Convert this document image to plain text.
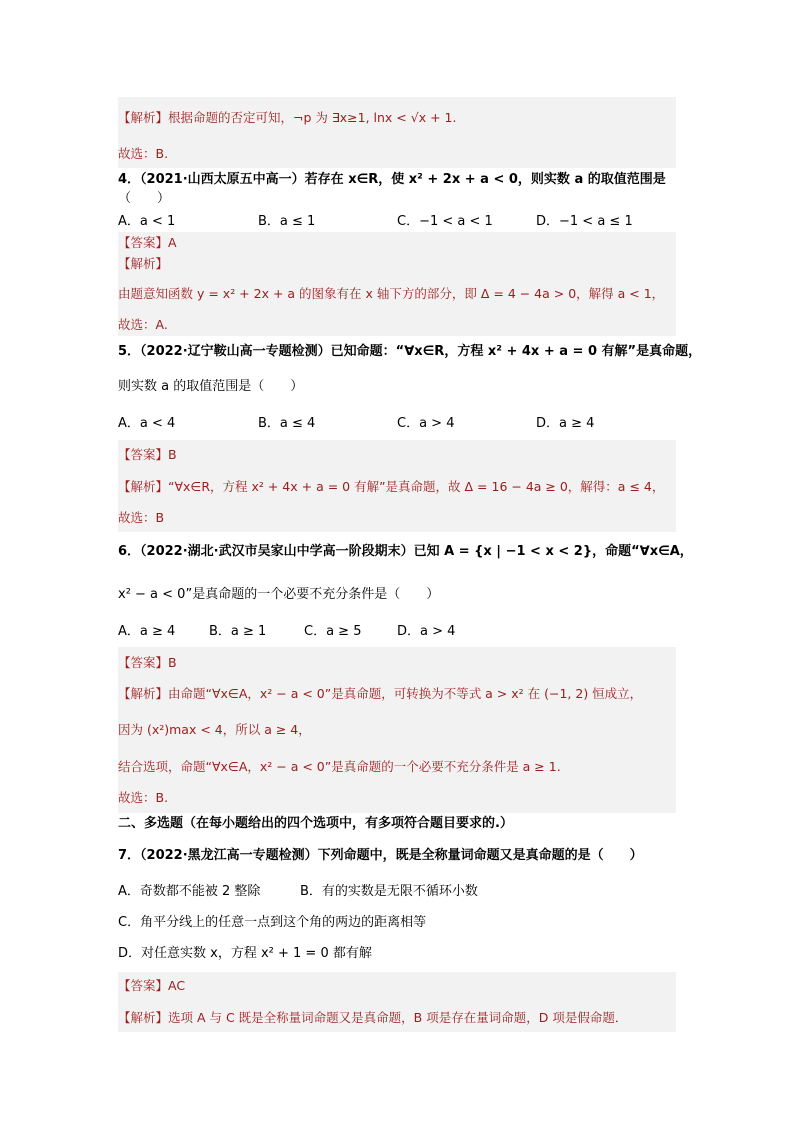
【解析】根据命题的否定可知，¬p 为 ∃x≥1, lnx < √x + 1.
故选：B.
4．（2021·山西太原五中高一）若存在 x∈R，使 x² + 2x + a < 0，则实数 a 的取值范围是
（　　）
A．a < 1	B．a ≤ 1	C．−1 < a < 1	D．−1 < a ≤ 1
【答案】A
【解析】
由题意知函数 y = x² + 2x + a 的图象有在 x 轴下方的部分，即 Δ = 4 − 4a > 0，解得 a < 1，
故选：A.
5．（2022·辽宁鞍山高一专题检测）已知命题：“∀x∈R，方程 x² + 4x + a = 0 有解”是真命题，
则实数 a 的取值范围是（　　）
A．a < 4	B．a ≤ 4	C．a > 4	D．a ≥ 4
【答案】B
【解析】“∀x∈R，方程 x² + 4x + a = 0 有解”是真命题，故 Δ = 16 − 4a ≥ 0，解得：a ≤ 4，
故选：B
6．（2022·湖北·武汉市吴家山中学高一阶段期末）已知 A = {x | −1 < x < 2}，命题“∀x∈A，
x² − a < 0”是真命题的一个必要不充分条件是（　　）
A．a ≥ 4	B．a ≥ 1	C．a ≥ 5	D．a > 4
【答案】B
【解析】由命题“∀x∈A，x² − a < 0”是真命题，可转换为不等式 a > x² 在 (−1, 2) 恒成立，
因为 (x²)max < 4，所以 a ≥ 4，
结合选项，命题“∀x∈A，x² − a < 0”是真命题的一个必要不充分条件是 a ≥ 1.
故选：B.
二、多选题（在每小题给出的四个选项中，有多项符合题目要求的.）
7．（2022·黑龙江高一专题检测）下列命题中，既是全称量词命题又是真命题的是（　　）
A．奇数都不能被 2 整除	B．有的实数是无限不循环小数
C．角平分线上的任意一点到这个角的两边的距离相等
D．对任意实数 x，方程 x² + 1 = 0 都有解
【答案】AC
【解析】选项 A 与 C 既是全称量词命题又是真命题，B 项是存在量词命题，D 项是假命题．
